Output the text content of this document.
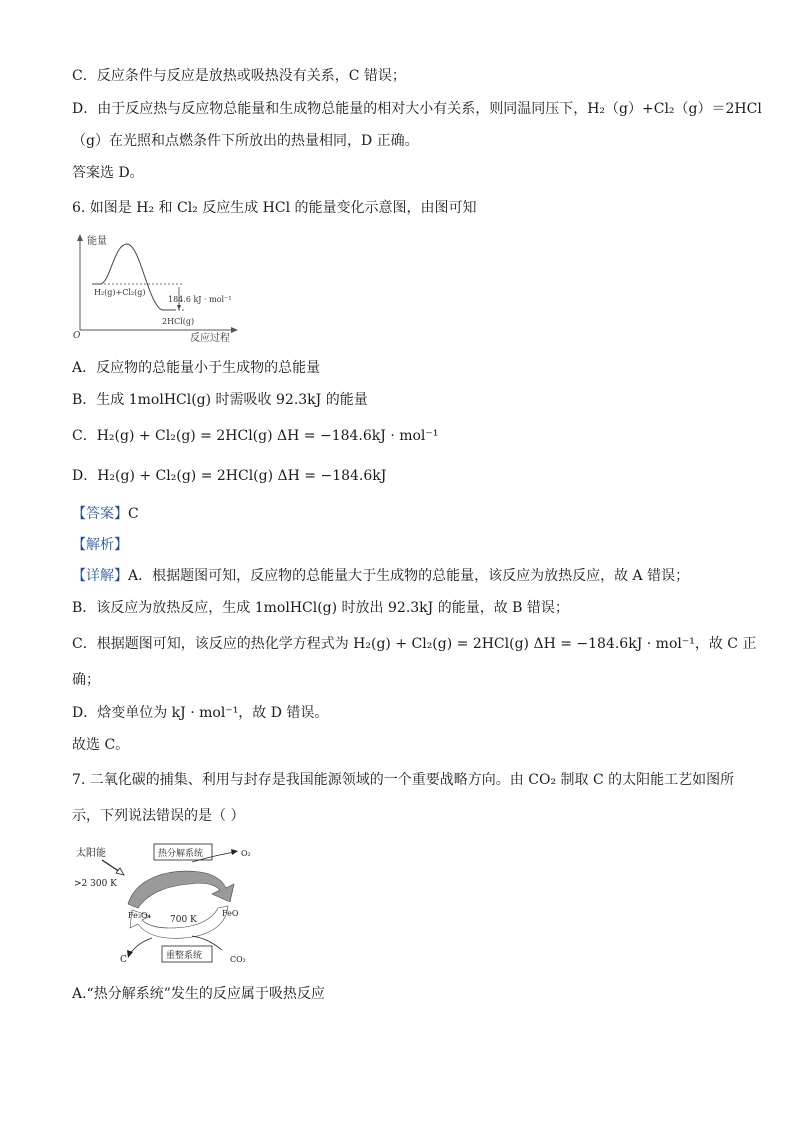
C．反应条件与反应是放热或吸热没有关系，C 错误；
D．由于反应热与反应物总能量和生成物总能量的相对大小有关系，则同温同压下，H₂（g）+Cl₂（g）＝2HCl
（g）在光照和点燃条件下所放出的热量相同，D 正确。
答案选 D。
6. 如图是 H₂ 和 Cl₂ 反应生成 HCl 的能量变化示意图，由图可知
能量
反应过程
O
H₂(g)+Cl₂(g)
184.6 kJ · mol⁻¹
2HCl(g)
A．反应物的总能量小于生成物的总能量
B．生成 1molHCl(g) 时需吸收 92.3kJ 的能量
C．H₂(g) + Cl₂(g) = 2HCl(g) ΔH = −184.6kJ · mol⁻¹
D．H₂(g) + Cl₂(g) = 2HCl(g) ΔH = −184.6kJ
【答案】C
【解析】
【详解】A．根据题图可知，反应物的总能量大于生成物的总能量，该反应为放热反应，故 A 错误；
B．该反应为放热反应，生成 1molHCl(g) 时放出 92.3kJ 的能量，故 B 错误；
C．根据题图可知，该反应的热化学方程式为 H₂(g) + Cl₂(g) = 2HCl(g) ΔH = −184.6kJ · mol⁻¹，故 C 正
确；
D．焓变单位为 kJ · mol⁻¹，故 D 错误。
故选 C。
7. 二氧化碳的捕集、利用与封存是我国能源领域的一个重要战略方向。由 CO₂ 制取 C 的太阳能工艺如图所
示，下列说法错误的是（ ）
太阳能
>2 300 K
热分解系统	O₂
Fe₃O₄	FeO
700 K
C	重整系统	CO₂
A.“热分解系统”发生的反应属于吸热反应
